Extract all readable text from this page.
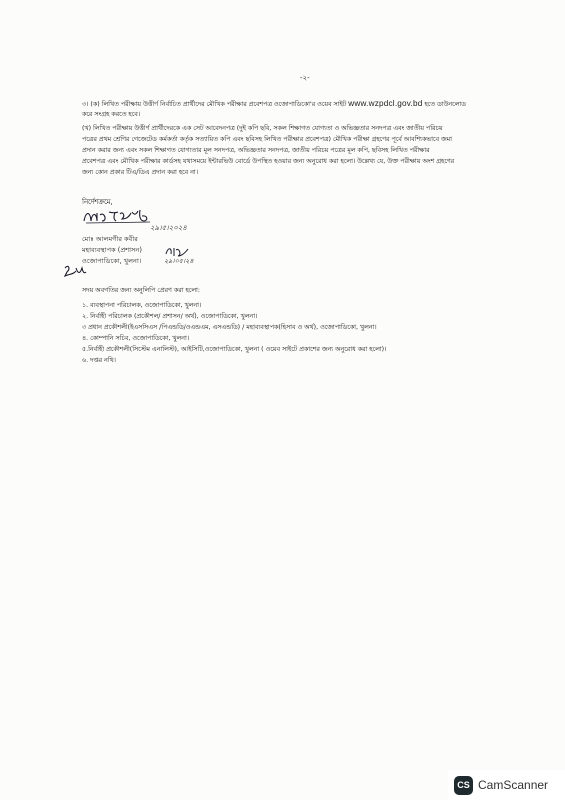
-২-
৩। (ক) লিখিত পরীক্ষায় উত্তীর্ণ নির্বাচিত প্রার্থীদের মৌখিক পরীক্ষার প্রবেশপত্র ওজোপাডিকো'র ওয়েব সাইট www.wzpdcl.gov.bd হতে ডাউনলোড
করে সংগ্রহ করতে হবে।
(খ) লিখিত পরীক্ষায় উত্তীর্ণ প্রার্থীদেরকে এক সেট আবেদনপত্র (দুই কপি ছবি, সকল শিক্ষাগত যোগ্যতা ও অভিজ্ঞতার সনদপত্র এবং জাতীয় পরিচয়
পত্রের প্রথম শ্রেণির গেজেটেড কর্মকর্তা কর্তৃক সত্যায়িত কপি এবং ছবিসহ লিখিত পরীক্ষার প্রবেশপত্র) মৌখিক পরীক্ষা গ্রহণের পূর্বে আবশ্যিকভাবে জমা
প্রদান করার জন্য এবং সকল শিক্ষাগত যোগ্যতার মূল সনদপত্র, অভিজ্ঞতার সনদপত্র, জাতীয় পরিচয় পত্রের মূল কপি, ছবিসহ লিখিত পরীক্ষার
প্রবেশপত্র এবং মৌখিক পরীক্ষার কার্ডসহ যথাসময়ে ইন্টারভিউ বোর্ডে উপস্থিত হওয়ার জন্য অনুরোধ করা হলো। উল্লেখ্য যে, উক্ত পরীক্ষায় অংশ গ্রহণের
জন্য কোন প্রকার টিএ/ডিএ প্রদান করা হবে না।
নির্দেশক্রমে,
২৯।৫।২০২৪
মোঃ আলমগীর কবীর
মহাব্যবস্থাপক (প্রশাসন)
ওজোপাডিকো, খুলনা।	২৯।০৫।২৪
সদয় অবগতির জন্য অনুলিপি প্রেরণ করা হলো:
১. ব্যবস্থাপনা পরিচালক, ওজোপাডিকো, খুলনা।
২. নির্বাহী পরিচালক (প্রকৌশল/ প্রশাসন/ অর্থ), ওজোপাডিকো, খুলনা।
৩ প্রধান প্রকৌশলী(ইএসসিএস /পিএন্ডডি/ওএন্ডএম, এসএন্ডডি) / মহাব্যবস্থাপক(হিসাব ও অর্থ), ওজোপাডিকো, খুলনা।
৪. কোম্পানি সচিব, ওজোপাডিকো, খুলনা।
৫.নির্বাহী প্রকৌশলী(সিস্টেম এনালিস্ট), আইসিটি,ওজোপাডিকো, খুলনা ( ওয়েব সাইটে প্রকাশের জন্য অনুরোধ করা হলো)।
৬. দপ্তর নথি।
CS CamScanner
